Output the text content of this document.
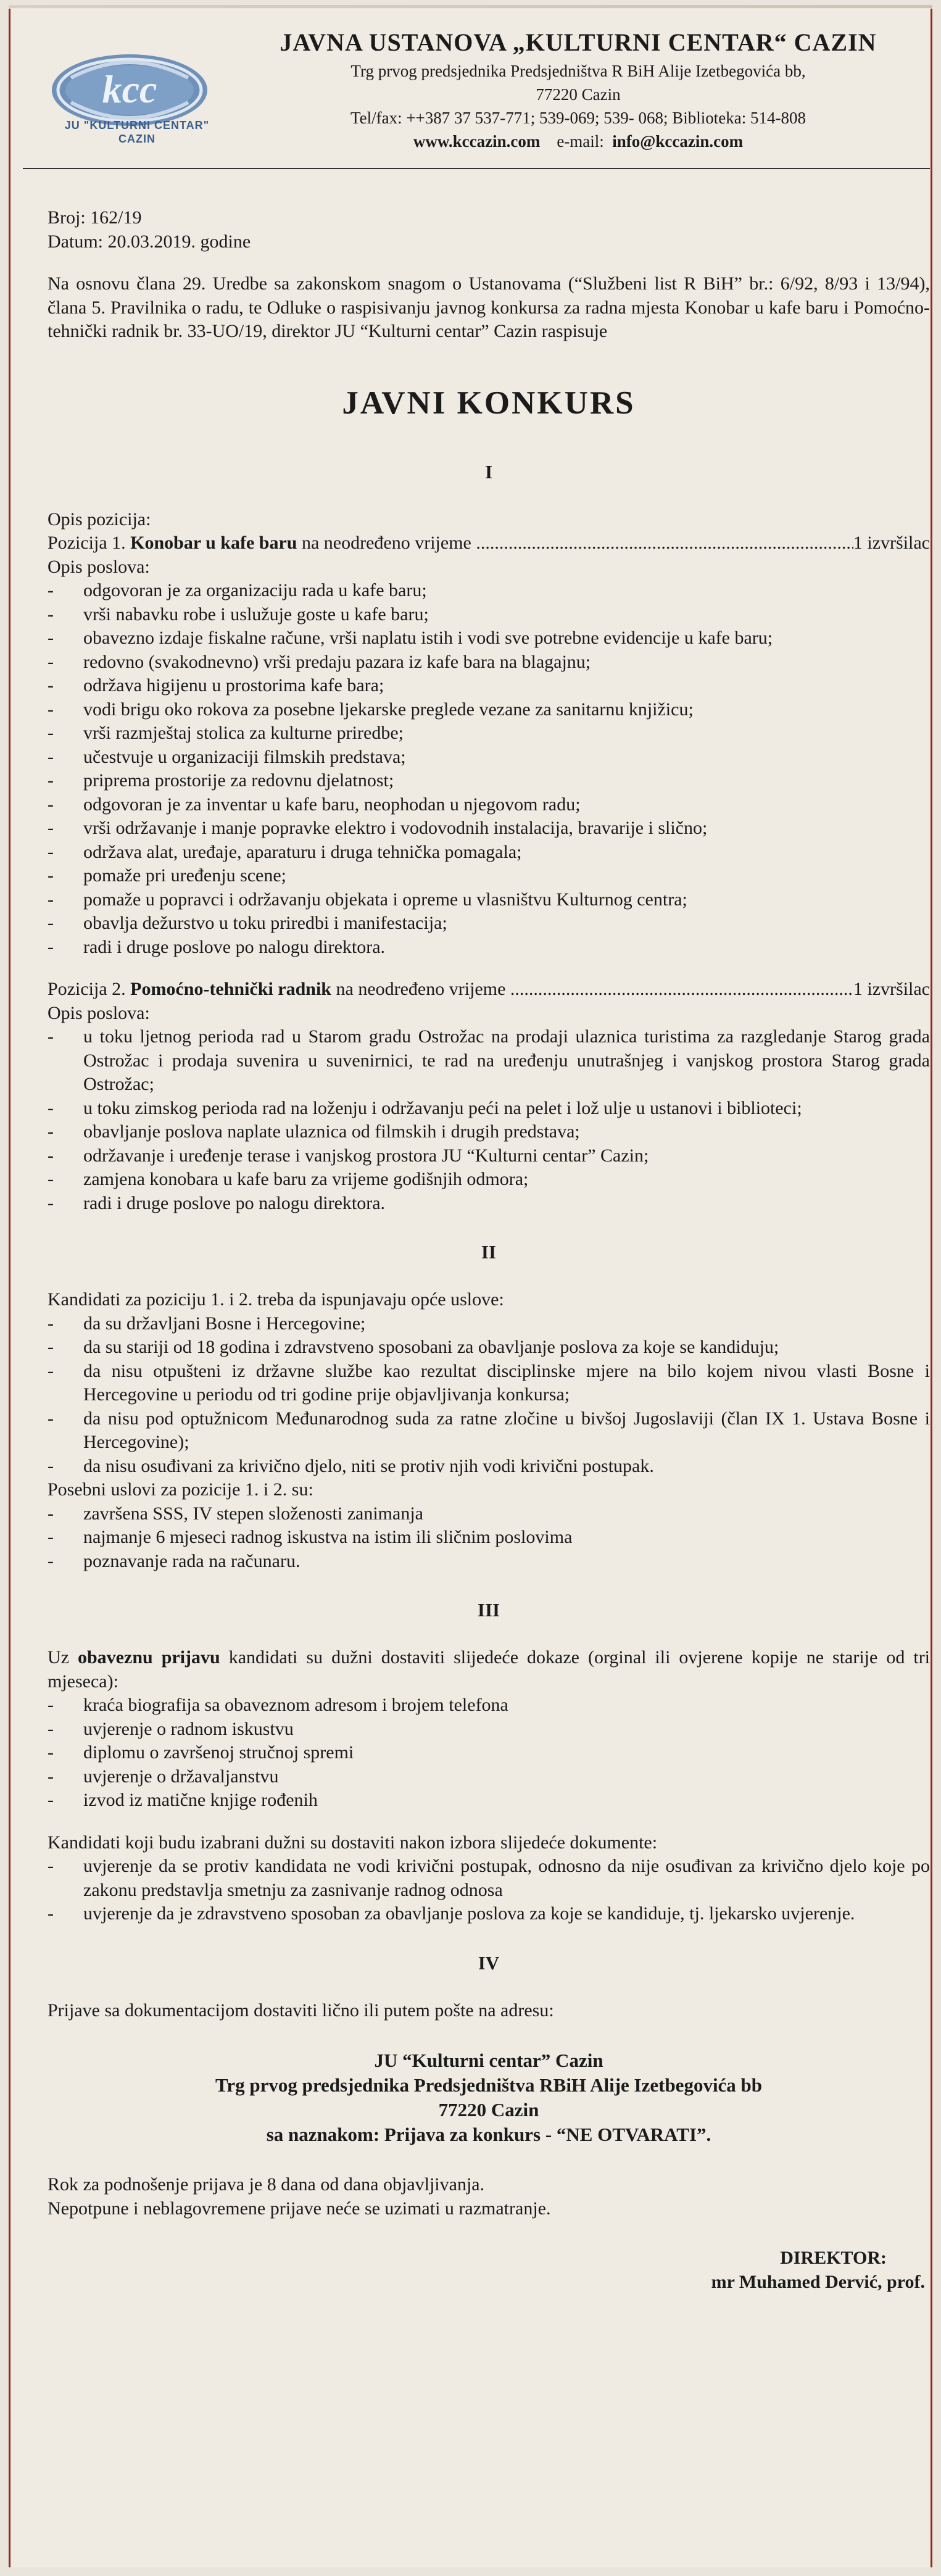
kcc
JU "KULTURNI CENTAR"
CAZIN
JAVNA USTANOVA „KULTURNI CENTAR“ CAZIN
Trg prvog predsjednika Predsjedništva R BiH Alije Izetbegovića bb,
77220 Cazin
Tel/fax: ++387 37 537-771; 539-069; 539- 068; Biblioteka: 514-808
www.kccazin.com e-mail: info@kccazin.com

Broj: 162/19

Datum: 20.03.2019. godine

Na osnovu člana 29. Uredbe sa zakonskom snagom o Ustanovama (“Službeni list R BiH” br.: 6/92, 8/93 i 13/94), člana 5. Pravilnika o radu, te Odluke o raspisivanju javnog konkursa za radna mjesta Konobar u kafe baru i Pomoćno-tehnički radnik br. 33-UO/19, direktor JU “Kulturni centar” Cazin raspisuje

JAVNI KONKURS
I

Opis pozicija:

Pozicija 1.
Konobar u kafe baru
na neodređeno vrijeme
.....	1 izvršilac

Opis poslova:

- odgovoran je za organizaciju rada u kafe baru;
- vrši nabavku robe i uslužuje goste u kafe baru;
- obavezno izdaje fiskalne račune, vrši naplatu istih i vodi sve potrebne evidencije u kafe baru;
- redovno (svakodnevno) vrši predaju pazara iz kafe bara na blagajnu;
- održava higijenu u prostorima kafe bara;
- vodi brigu oko rokova za posebne ljekarske preglede vezane za sanitarnu knjižicu;
- vrši razmještaj stolica za kulturne priredbe;
- učestvuje u organizaciji filmskih predstava;
- priprema prostorije za redovnu djelatnost;
- odgovoran je za inventar u kafe baru, neophodan u njegovom radu;
- vrši održavanje i manje popravke elektro i vodovodnih instalacija, bravarije i slično;
- održava alat, uređaje, aparaturu i druga tehnička pomagala;
- pomaže pri uređenju scene;
- pomaže u popravci i održavanju objekata i opreme u vlasništvu Kulturnog centra;
- obavlja dežurstvo u toku priredbi i manifestacija;
- radi i druge poslove po nalogu direktora.
Pozicija 2.
Pomoćno-tehnički radnik
na neodređeno vrijeme
.....	1 izvršilac

Opis poslova:

- u toku ljetnog perioda rad u Starom gradu Ostrožac na prodaji ulaznica turistima za razgledanje Starog grada Ostrožac i prodaja suvenira u suvenirnici, te rad na uređenju unutrašnjeg i vanjskog prostora Starog grada Ostrožac;
- u toku zimskog perioda rad na loženju i održavanju peći na pelet i lož ulje u ustanovi i biblioteci;
- obavljanje poslova naplate ulaznica od filmskih i drugih predstava;
- održavanje i uređenje terase i vanjskog prostora JU “Kulturni centar” Cazin;
- zamjena konobara u kafe baru za vrijeme godišnjih odmora;
- radi i druge poslove po nalogu direktora.
II

Kandidati za poziciju 1. i 2. treba da ispunjavaju opće uslove:

- da su državljani Bosne i Hercegovine;
- da su stariji od 18 godina i zdravstveno sposobani za obavljanje poslova za koje se kandiduju;
- da nisu otpušteni iz državne službe kao rezultat disciplinske mjere na bilo kojem nivou vlasti Bosne i Hercegovine u periodu od tri godine prije objavljivanja konkursa;
- da nisu pod optužnicom Međunarodnog suda za ratne zločine u bivšoj Jugoslaviji (član IX 1. Ustava Bosne i Hercegovine);
- da nisu osuđivani za krivično djelo, niti se protiv njih vodi krivični postupak.

Posebni uslovi za pozicije 1. i 2. su:

- završena SSS, IV stepen složenosti zanimanja
- najmanje 6 mjeseci radnog iskustva na istim ili sličnim poslovima
- poznavanje rada na računaru.
III

Uz obaveznu prijavu kandidati su dužni dostaviti slijedeće dokaze (orginal ili ovjerene kopije ne starije od tri mjeseca):

- kraća biografija sa obaveznom adresom i brojem telefona
- uvjerenje o radnom iskustvu
- diplomu o završenoj stručnoj spremi
- uvjerenje o državaljanstvu
- izvod iz matične knjige rođenih

Kandidati koji budu izabrani dužni su dostaviti nakon izbora slijedeće dokumente:

- uvjerenje da se protiv kandidata ne vodi krivični postupak, odnosno da nije osuđivan za krivično djelo koje po zakonu predstavlja smetnju za zasnivanje radnog odnosa
- uvjerenje da je zdravstveno sposoban za obavljanje poslova za koje se kandiduje, tj. ljekarsko uvjerenje.
IV

Prijave sa dokumentacijom dostaviti lično ili putem pošte na adresu:

JU “Kulturni centar” Cazin
Trg prvog predsjednika Predsjedništva RBiH Alije Izetbegovića bb
77220 Cazin
sa naznakom: Prijava za konkurs - “NE OTVARATI”.

Rok za podnošenje prijava je 8 dana od dana objavljivanja.

Nepotpune i neblagovremene prijave neće se uzimati u razmatranje.

DIREKTOR:

mr Muhamed Dervić, prof.
